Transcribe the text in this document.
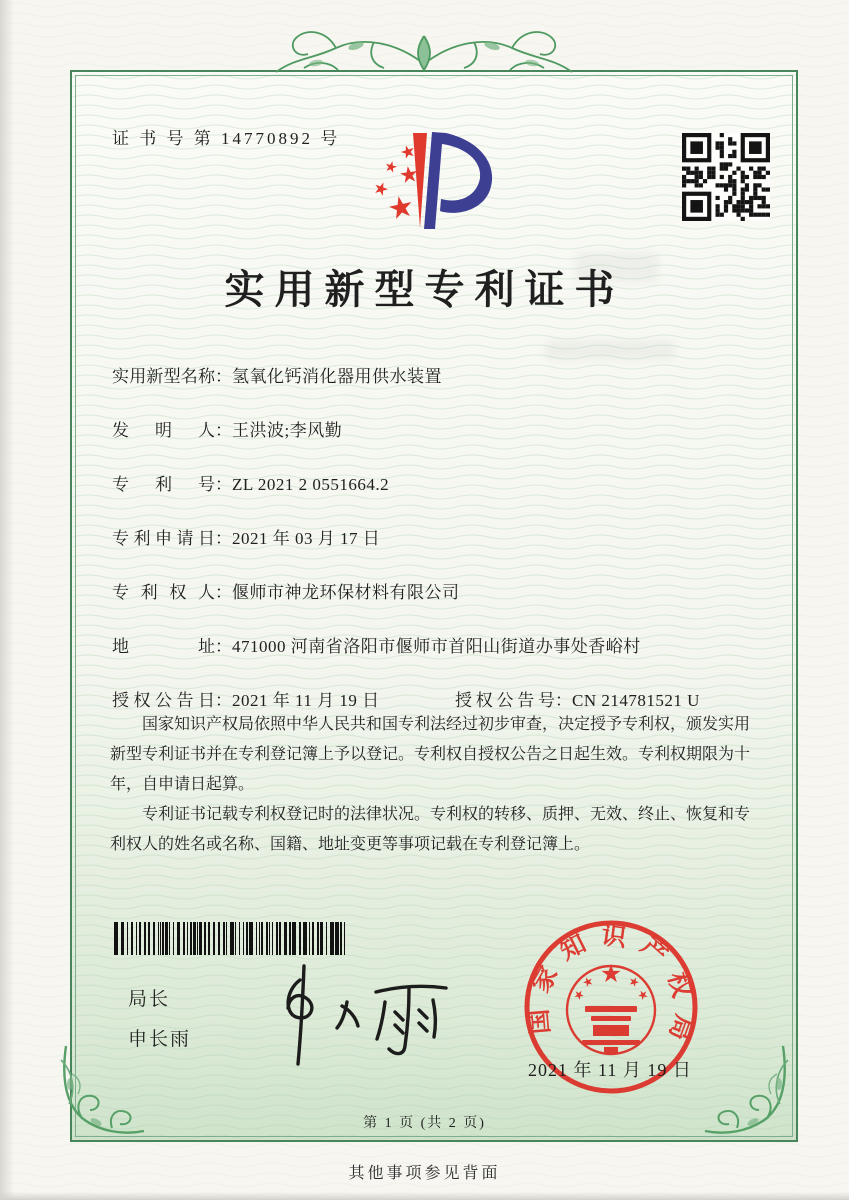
证 书 号 第 14770892 号
实用新型专利证书
实用新型名称：氢氧化钙消化器用供水装置
发明人：王洪波;李风勤
专利号：ZL 2021 2 0551664.2
专利申请日：2021 年 03 月 17 日
专利权人：偃师市神龙环保材料有限公司
地址：471000 河南省洛阳市偃师市首阳山街道办事处香峪村
授权公告日：2021 年 11 月 19 日	授权公告号：CN 214781521 U

国家知识产权局依照中华人民共和国专利法经过初步审查，决定授予专利权，颁发实用新型专利证书并在专利登记簿上予以登记。专利权自授权公告之日起生效。专利权期限为十年，自申请日起算。

专利证书记载专利权登记时的法律状况。专利权的转移、质押、无效、终止、恢复和专利权人的姓名或名称、国籍、地址变更等事项记载在专利登记簿上。

局长
申长雨
国家知识产权局
2021 年 11 月 19 日
第 1 页 (共 2 页)
其他事项参见背面
